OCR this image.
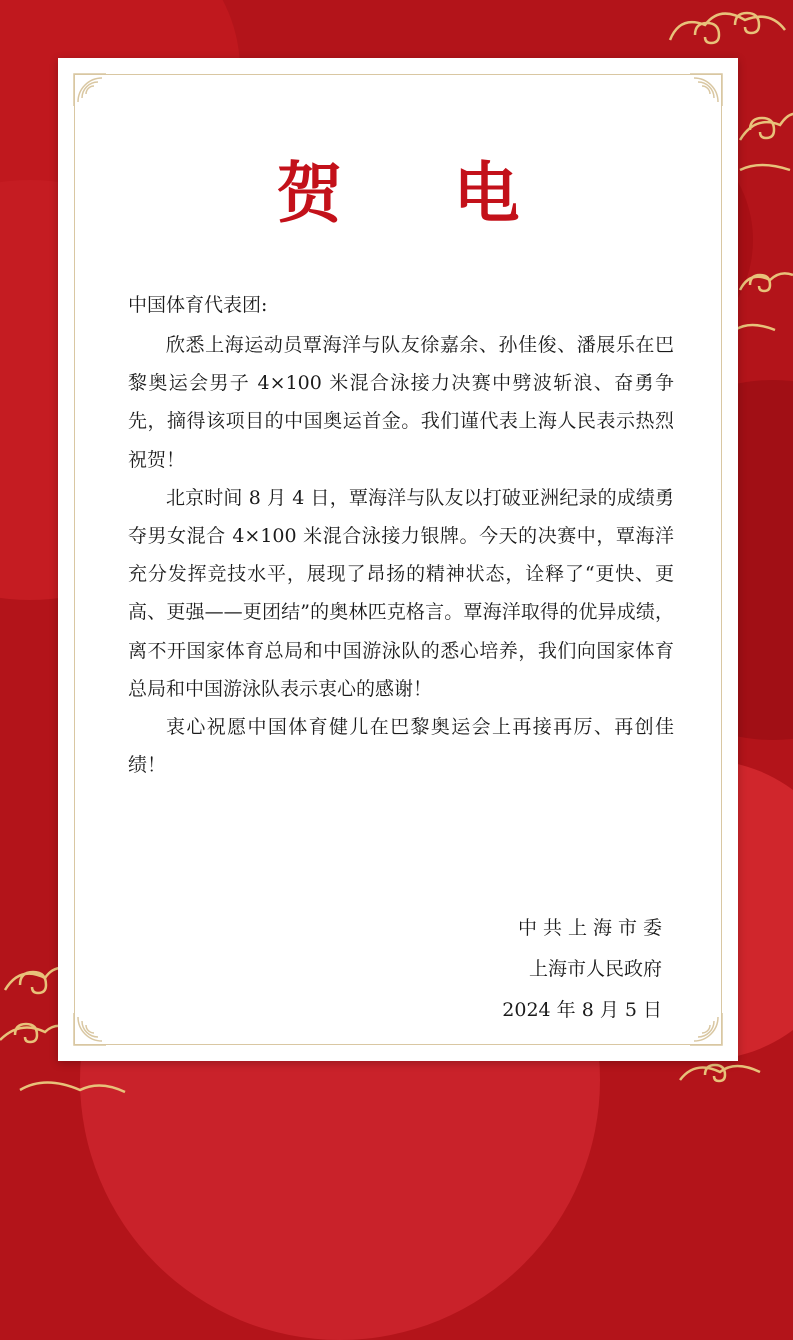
贺 电
中国体育代表团:

欣悉上海运动员覃海洋与队友徐嘉余、孙佳俊、潘展乐在巴黎奥运会男子 4×100 米混合泳接力决赛中劈波斩浪、奋勇争先，摘得该项目的中国奥运首金。我们谨代表上海人民表示热烈祝贺！

北京时间 8 月 4 日，覃海洋与队友以打破亚洲纪录的成绩勇夺男女混合 4×100 米混合泳接力银牌。今天的决赛中，覃海洋充分发挥竞技水平，展现了昂扬的精神状态，诠释了“更快、更高、更强——更团结”的奥林匹克格言。覃海洋取得的优异成绩，离不开国家体育总局和中国游泳队的悉心培养，我们向国家体育总局和中国游泳队表示衷心的感谢！

衷心祝愿中国体育健儿在巴黎奥运会上再接再厉、再创佳绩！

中共上海市委
上海市人民政府
2024 年 8 月 5 日
